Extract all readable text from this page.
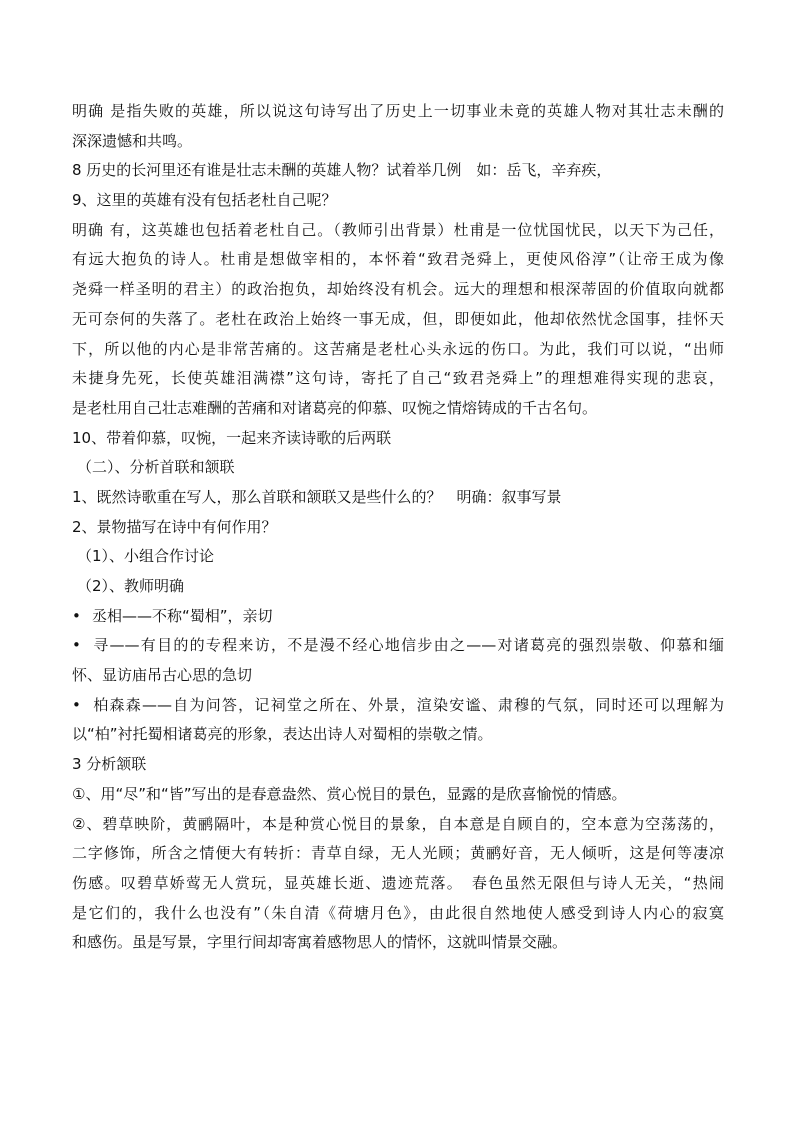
明确 是指失败的英雄，所以说这句诗写出了历史上一切事业未竟的英雄人物对其壮志未酬的
深深遗憾和共鸣。
8 历史的长河里还有谁是壮志未酬的英雄人物？试着举几例　如：岳飞，辛弃疾，
9、这里的英雄有没有包括老杜自己呢？
明确 有，这英雄也包括着老杜自己。（教师引出背景）杜甫是一位忧国忧民，以天下为己任，
有远大抱负的诗人。杜甫是想做宰相的，本怀着“致君尧舜上，更使风俗淳”（让帝王成为像
尧舜一样圣明的君主）的政治抱负，却始终没有机会。远大的理想和根深蒂固的价值取向就都
无可奈何的失落了。老杜在政治上始终一事无成，但，即便如此，他却依然忧念国事，挂怀天
下，所以他的内心是非常苦痛的。这苦痛是老杜心头永远的伤口。为此，我们可以说，“出师
未捷身先死，长使英雄泪满襟”这句诗，寄托了自己“致君尧舜上”的理想难得实现的悲哀，
是老杜用自己壮志难酬的苦痛和对诸葛亮的仰慕、叹惋之情熔铸成的千古名句。
10、带着仰慕，叹惋，一起来齐读诗歌的后两联
（二）、分析首联和颔联
1、既然诗歌重在写人，那么首联和颔联又是些什么的？　明确：叙事写景
2、景物描写在诗中有何作用？
（1）、小组合作讨论
（2）、教师明确
• 丞相——不称“蜀相”，亲切
• 寻——有目的的专程来访，不是漫不经心地信步由之——对诸葛亮的强烈崇敬、仰慕和缅
怀、显访庙吊古心思的急切
• 柏森森——自为问答，记祠堂之所在、外景，渲染安谧、肃穆的气氛，同时还可以理解为
以“柏”衬托蜀相诸葛亮的形象，表达出诗人对蜀相的崇敬之情。
3 分析颔联
①、用“尽”和“皆”写出的是春意盎然、赏心悦目的景色，显露的是欣喜愉悦的情感。
②、碧草映阶，黄鹂隔叶，本是种赏心悦目的景象，自本意是自顾自的，空本意为空荡荡的，
二字修饰，所含之情便大有转折：青草自绿，无人光顾；黄鹂好音，无人倾听，这是何等凄凉
伤感。叹碧草娇莺无人赏玩，显英雄长逝、遗迹荒落。　春色虽然无限但与诗人无关，“热闹
是它们的，我什么也没有”（朱自清《荷塘月色》，由此很自然地使人感受到诗人内心的寂寞
和感伤。虽是写景，字里行间却寄寓着感物思人的情怀，这就叫情景交融。
